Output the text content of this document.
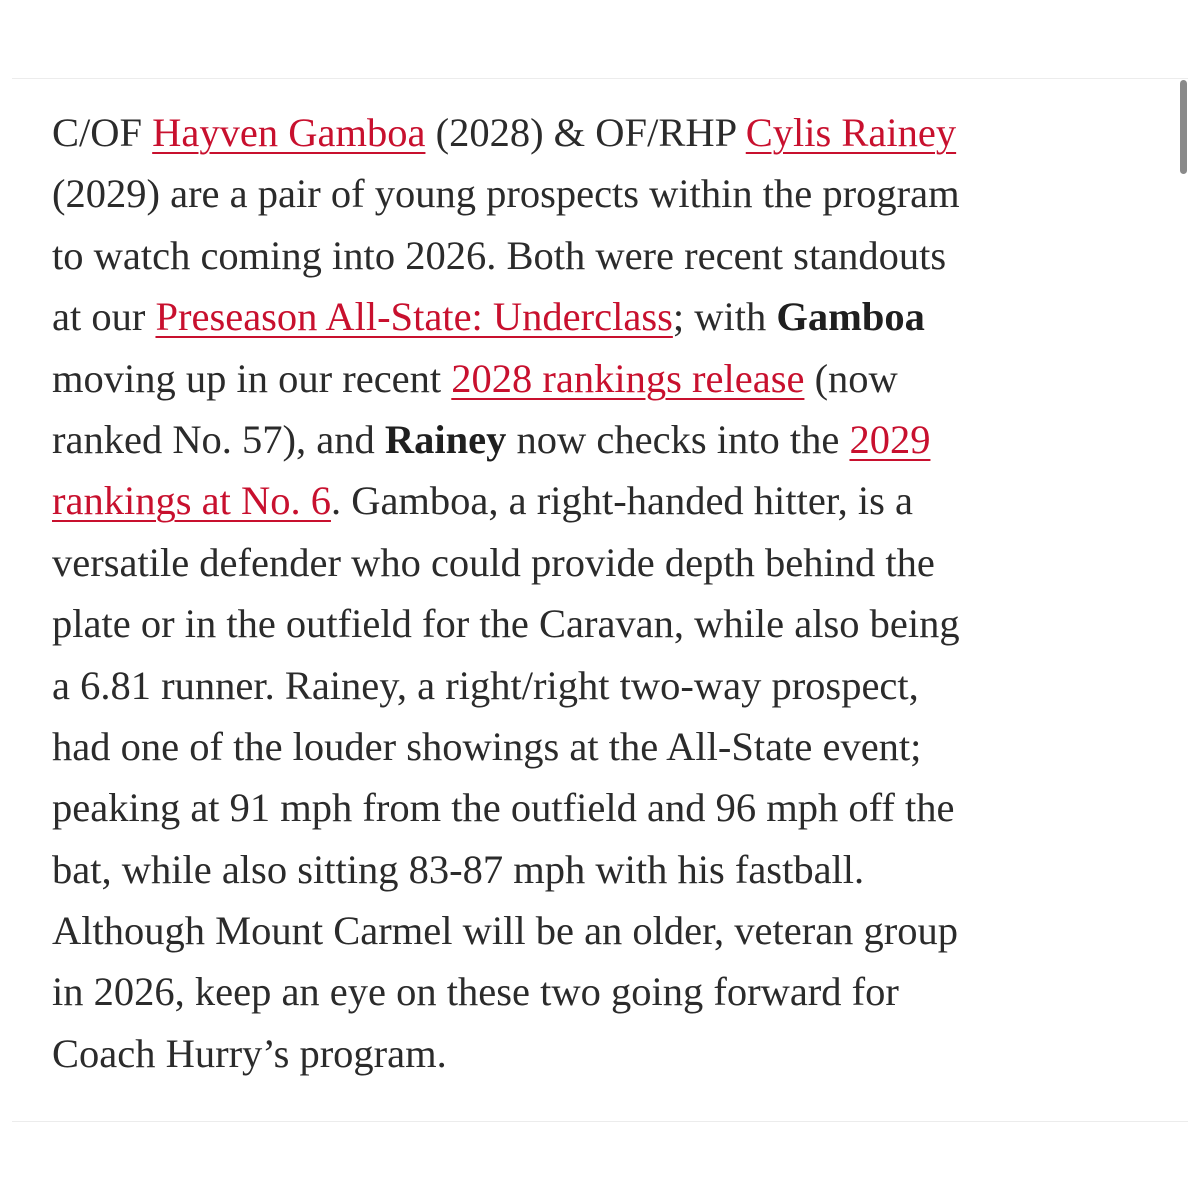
C/OF Hayven Gamboa (2028) & OF/RHP Cylis Rainey
(2029) are a pair of young prospects within the program
to watch coming into 2026. Both were recent standouts
at our Preseason All-State: Underclass; with Gamboa
moving up in our recent 2028 rankings release (now
ranked No. 57), and Rainey now checks into the 2029
rankings at No. 6. Gamboa, a right-handed hitter, is a
versatile defender who could provide depth behind the
plate or in the outfield for the Caravan, while also being
a 6.81 runner. Rainey, a right/right two-way prospect,
had one of the louder showings at the All-State event;
peaking at 91 mph from the outfield and 96 mph off the
bat, while also sitting 83-87 mph with his fastball.
Although Mount Carmel will be an older, veteran group
in 2026, keep an eye on these two going forward for
Coach Hurry’s program.
